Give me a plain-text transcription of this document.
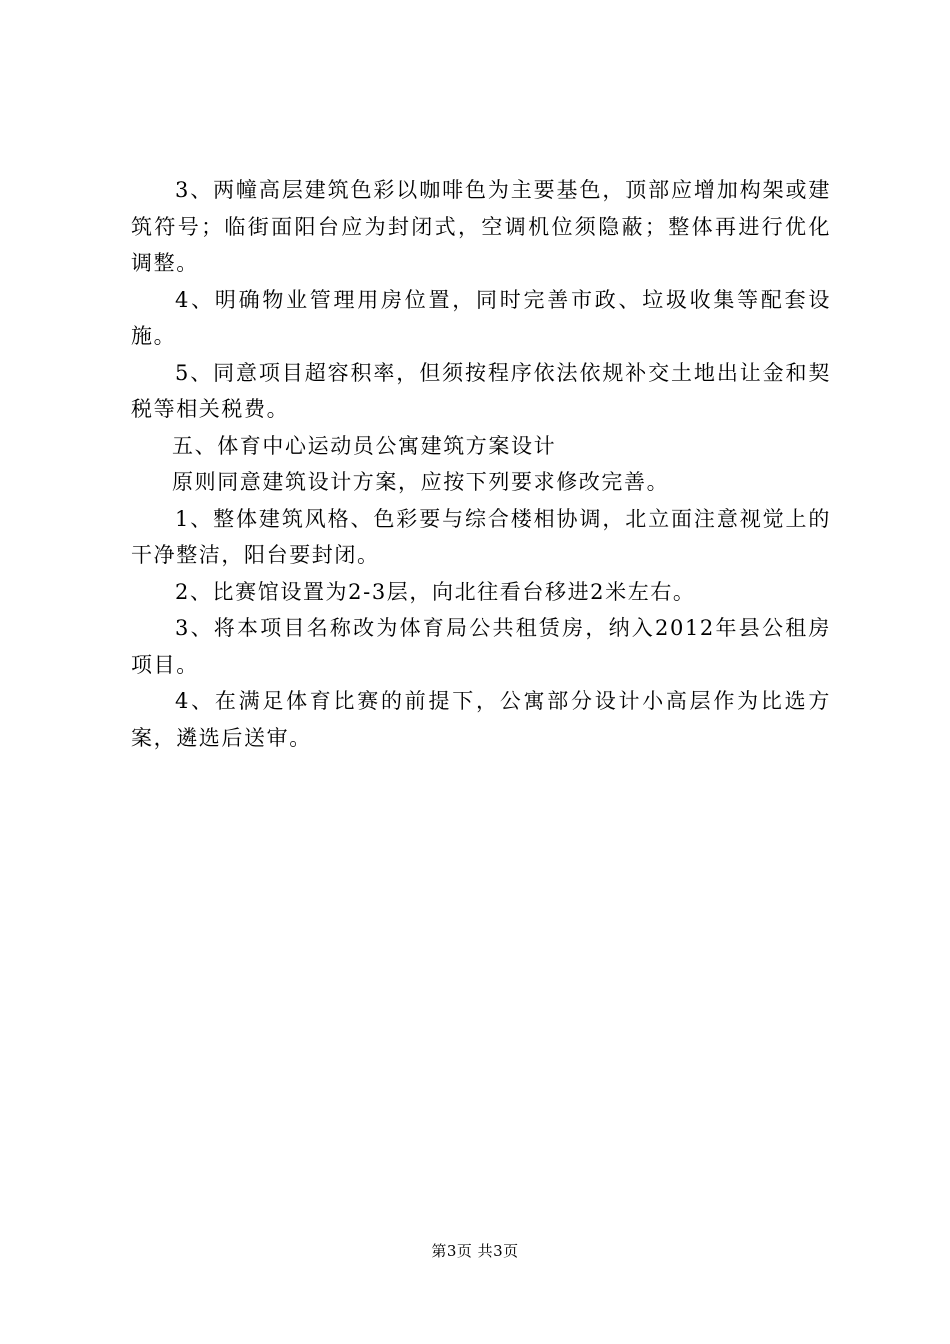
3、两幢高层建筑色彩以咖啡色为主要基色，顶部应增加构架或建筑符号；临街面阳台应为封闭式，空调机位须隐蔽；整体再进行优化调整。

4、明确物业管理用房位置，同时完善市政、垃圾收集等配套设施。

5、同意项目超容积率，但须按程序依法依规补交土地出让金和契税等相关税费。

五、体育中心运动员公寓建筑方案设计

原则同意建筑设计方案，应按下列要求修改完善。

1、整体建筑风格、色彩要与综合楼相协调，北立面注意视觉上的干净整洁，阳台要封闭。

2、比赛馆设置为2-3层，向北往看台移进2米左右。

3、将本项目名称改为体育局公共租赁房，纳入2012年县公租房项目。

4、在满足体育比赛的前提下，公寓部分设计小高层作为比选方案，遴选后送审。

第3页 共3页
